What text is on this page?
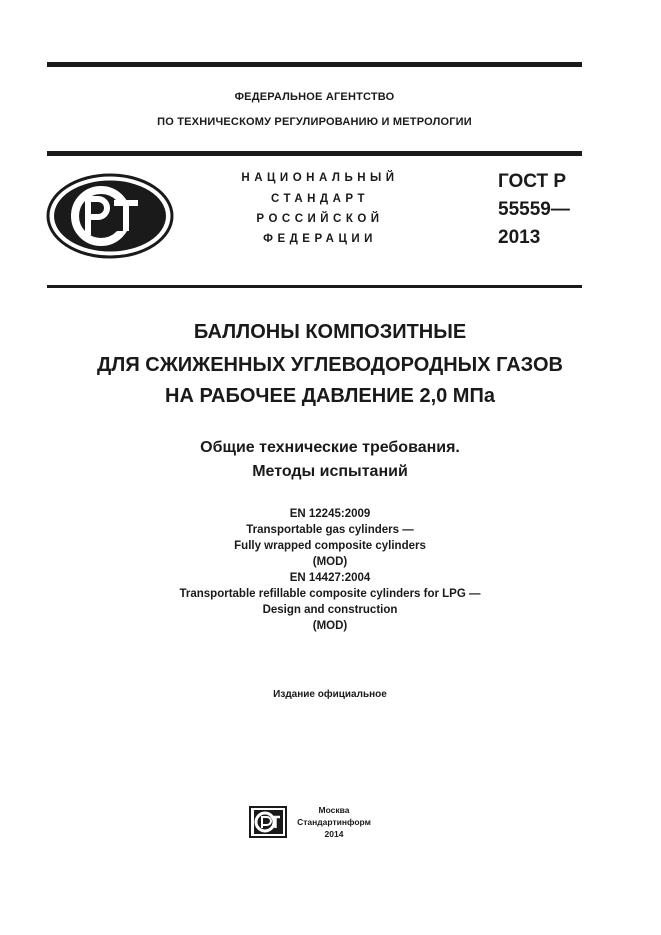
ФЕДЕРАЛЬНОЕ АГЕНТСТВО
ПО ТЕХНИЧЕСКОМУ РЕГУЛИРОВАНИЮ И МЕТРОЛОГИИ
НАЦИОНАЛЬНЫЙ
СТАНДАРТ
РОССИЙСКОЙ
ФЕДЕРАЦИИ
ГОСТ Р
55559—
2013
БАЛЛОНЫ КОМПОЗИТНЫЕ
ДЛЯ СЖИЖЕННЫХ УГЛЕВОДОРОДНЫХ ГАЗОВ
НА РАБОЧЕЕ ДАВЛЕНИЕ 2,0 МПа
Общие технические требования.
Методы испытаний
EN 12245:2009
Transportable gas cylinders —
Fully wrapped composite cylinders
(MOD)
EN 14427:2004
Transportable refillable composite cylinders for LPG —
Design and construction
(MOD)
Издание официальное
Москва
Стандартинформ
2014
